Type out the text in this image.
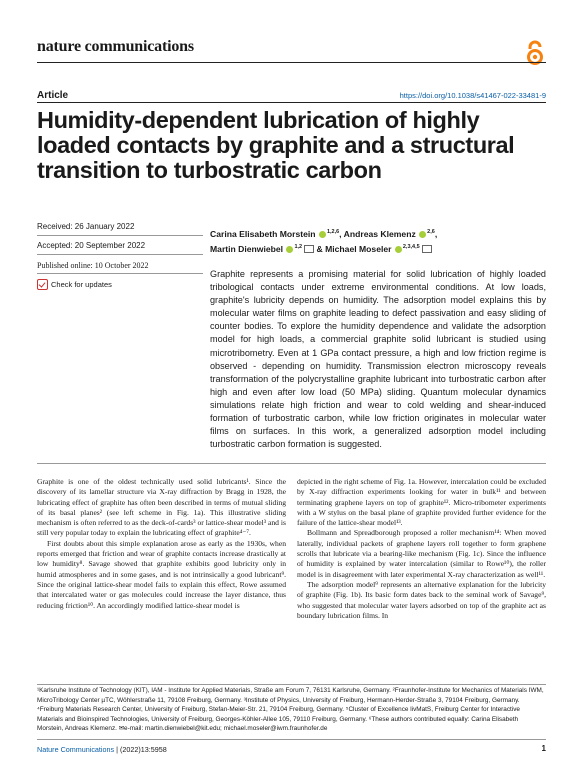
nature communications
Article	https://doi.org/10.1038/s41467-022-33481-9
Humidity-dependent lubrication of highly loaded contacts by graphite and a structural transition to turbostratic carbon
Received: 26 January 2022
Accepted: 20 September 2022
Published online: 10 October 2022
Check for updates
Carina Elisabeth Morstein $^{1,2,6}$, Andreas Klemenz $^{2,6}$,
Martin Dienwiebel $^{1,2}$ & Michael Moseler $^{2,3,4,5}$
Graphite represents a promising material for solid lubrication of highly loaded tribological contacts under extreme environmental conditions. At low loads, graphite's lubricity depends on humidity. The adsorption model explains this by molecular water films on graphite leading to defect passivation and easy sliding of counter bodies. To explore the humidity dependence and validate the adsorption model for high loads, a commercial graphite solid lubricant is studied using microtribometry. Even at 1 GPa contact pressure, a high and low friction regime is observed - depending on humidity. Transmission electron microscopy reveals transformation of the polycrystalline graphite lubricant into turbostratic carbon after high and even after low load (50 MPa) sliding. Quantum molecular dynamics simulations relate high friction and wear to cold welding and shear-induced formation of turbostratic carbon, while low friction originates in molecular water films on surfaces. In this work, a generalized adsorption model including turbostratic carbon formation is suggested.

Graphite is one of the oldest technically used solid lubricants¹. Since the discovery of its lamellar structure via X-ray diffraction by Bragg in 1928, the lubricating effect of graphite has often been described in terms of mutual sliding of its basal planes² (see left scheme in Fig. 1a). This illustrative sliding mechanism is often referred to as the deck-of-cards³ or lattice-shear model³ and is still very popular today to explain the lubricating effect of graphite⁴⁻⁷.

First doubts about this simple explanation arose as early as the 1930s, when reports emerged that friction and wear of graphite contacts increase drastically at low humidity⁸. Savage showed that graphite exhibits good lubricity only in humid atmospheres and in some gases, and is not intrinsically a good lubricant⁹. Since the original lattice-shear model fails to explain this effect, Rowe assumed that intercalated water or gas molecules could increase the layer distance, thus reducing friction¹⁰. An accordingly modified lattice-shear model is

depicted in the right scheme of Fig. 1a. However, intercalation could be excluded by X-ray diffraction experiments looking for water in bulk¹¹ and between terminating graphene layers on top of graphite¹². Micro-tribometer experiments with a W stylus on the basal plane of graphite provided further evidence for the failure of the lattice-shear model¹³.

Bollmann and Spreadborough proposed a roller mechanism¹⁴: When moved laterally, individual packets of graphene layers roll together to form graphene scrolls that lubricate via a bearing-like mechanism (Fig. 1c). Since the influence of humidity is explained by water intercalation (similar to Rowe¹⁰), the roller model is in disagreement with later experimental X-ray characterization as well¹¹.

The adsorption model⁹ represents an alternative explanation for the lubricity of graphite (Fig. 1b). Its basic form dates back to the seminal work of Savage⁹, who suggested that molecular water layers adsorbed on top of the graphite act as boundary lubrication films. In

¹Karlsruhe Institute of Technology (KIT), IAM - Institute for Applied Materials, Straße am Forum 7, 76131 Karlsruhe, Germany. ²Fraunhofer-Institute for Mechanics of Materials IWM, MicroTribology Center µTC, Wöhlerstraße 11, 79108 Freiburg, Germany. ³Institute of Physics, University of Freiburg, Hermann-Herder-Straße 3, 79104 Freiburg, Germany. ⁴Freiburg Materials Research Center, University of Freiburg, Stefan-Meier-Str. 21, 79104 Freiburg, Germany. ⁵Cluster of Excellence livMatS, Freiburg Center for Interactive Materials and Bioinspired Technologies, University of Freiburg, Georges-Köhler-Allee 105, 79110 Freiburg, Germany. ⁶These authors contributed equally: Carina Elisabeth Morstein, Andreas Klemenz. ✉e-mail: martin.dienwiebel@kit.edu; michael.moseler@iwm.fraunhofer.de
Nature Communications | (2022)13:5958	1
